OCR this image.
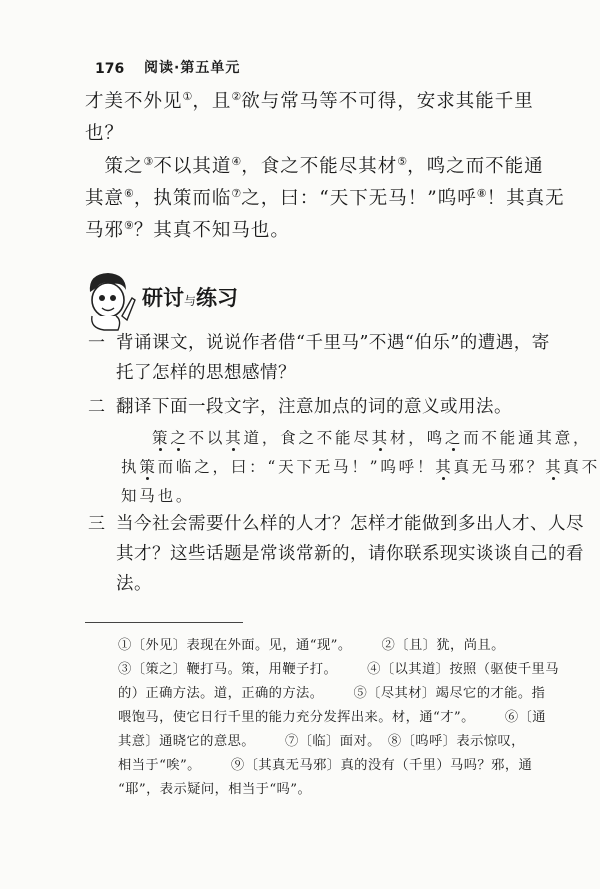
176 阅读·第五单元
才美不外见①，且②欲与常马等不可得，安求其能千里
也？
　策之③不以其道④，食之不能尽其材⑤，鸣之而不能通
其意⑥，执策而临⑦之，曰：“天下无马！”呜呼⑧！其真无
马邪⑨？其真不知马也。
研讨与练习
一 背诵课文，说说作者借“千里马”不遇“伯乐”的遭遇，寄
托了怎样的思想感情？
二 翻译下面一段文字，注意加点的词的意义或用法。
策之不以其道，食之不能尽其材，鸣之而不能通其意，
执策而临之，曰：“天下无马！”呜呼！其真无马邪？其真不
知马也。
三 当今社会需要什么样的人才？怎样才能做到多出人才、人尽
其才？这些话题是常谈常新的，请你联系现实谈谈自己的看
法。
①〔外见〕表现在外面。见，通“现”。 ②〔且〕犹，尚且。
③〔策之〕鞭打马。策，用鞭子打。 ④〔以其道〕按照（驱使千里马
的）正确方法。道，正确的方法。 ⑤〔尽其材〕竭尽它的才能。指
喂饱马，使它日行千里的能力充分发挥出来。材，通“才”。 ⑥〔通
其意〕通晓它的意思。 ⑦〔临〕面对。　⑧〔呜呼〕表示惊叹，
相当于“唉”。 ⑨〔其真无马邪〕真的没有（千里）马吗？邪，通
“耶”，表示疑问，相当于“吗”。
